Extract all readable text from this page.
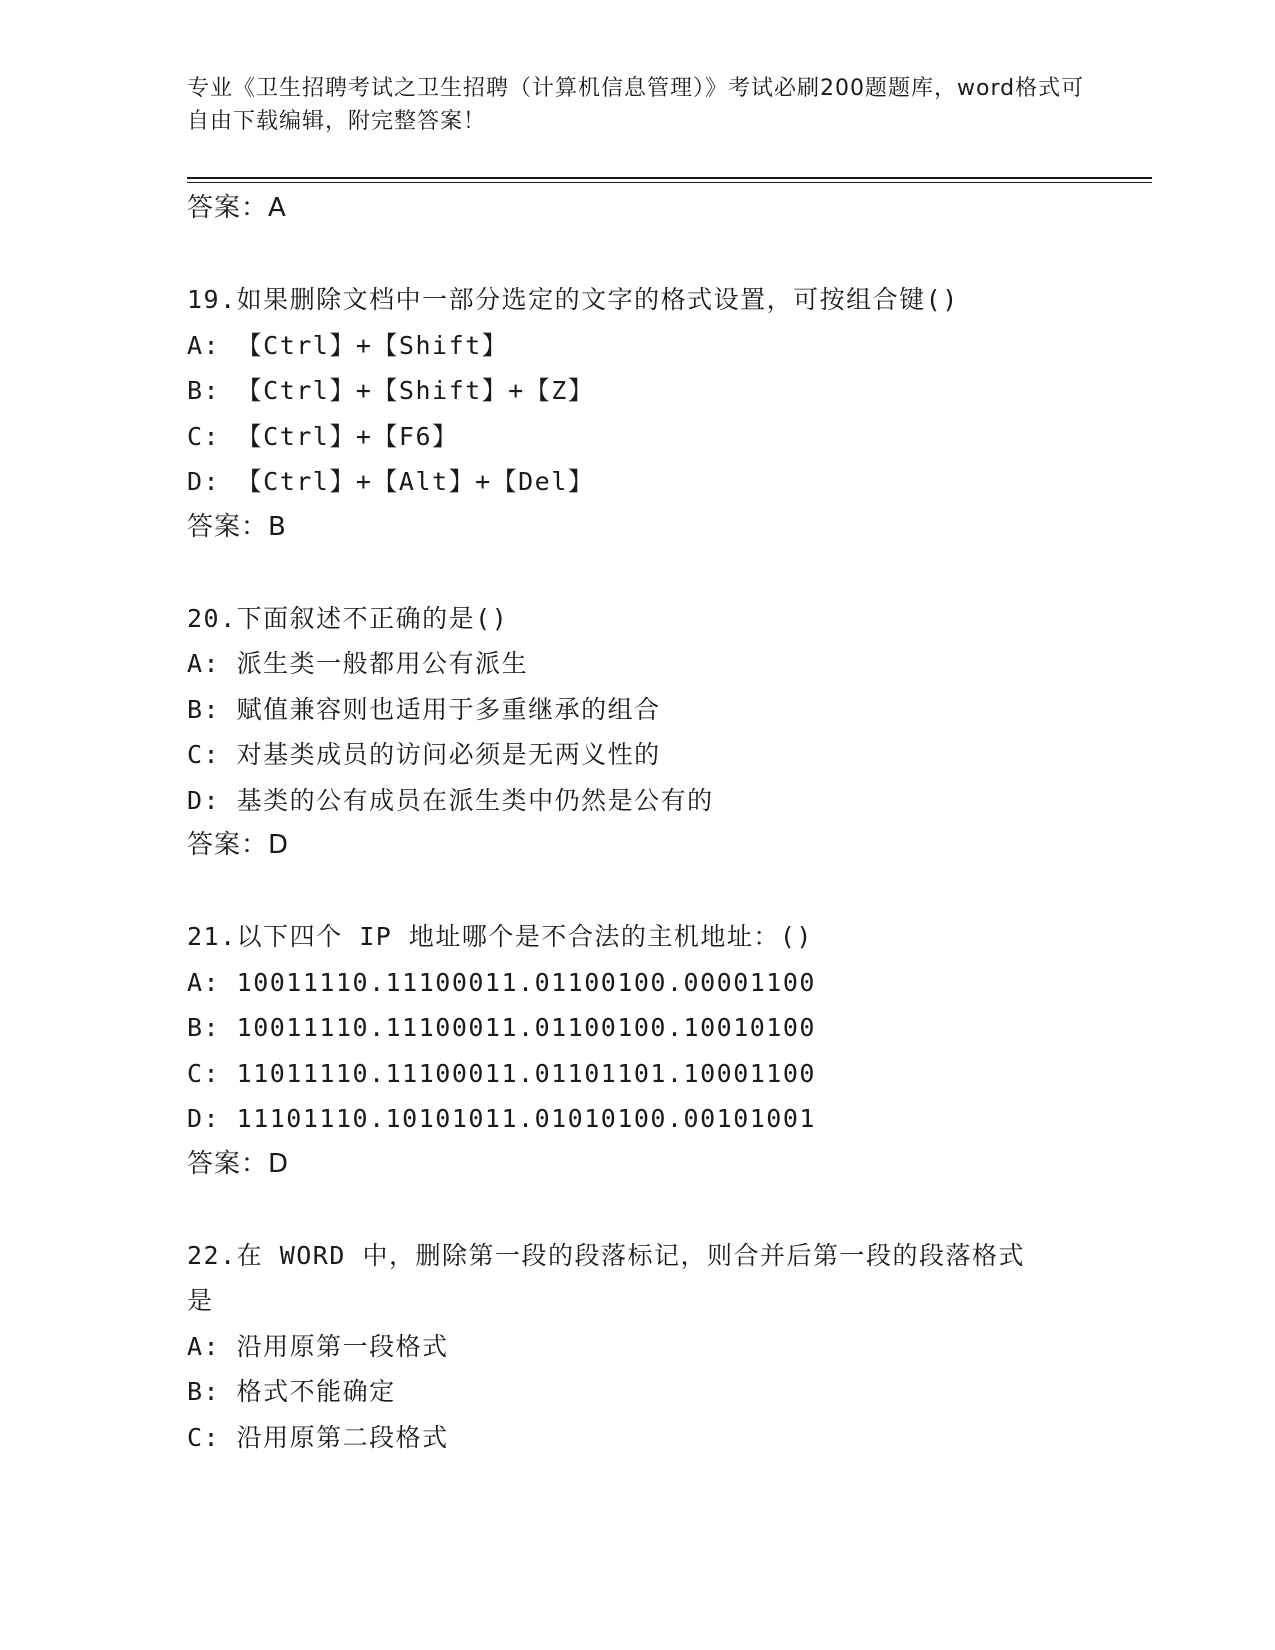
专业《卫生招聘考试之卫生招聘（计算机信息管理）》考试必刷200题题库，word格式可自由下载编辑，附完整答案！
答案：A
19.如果删除文档中一部分选定的文字的格式设置，可按组合键()
A: 【Ctrl】+【Shift】
B: 【Ctrl】+【Shift】+【Z】
C: 【Ctrl】+【F6】
D: 【Ctrl】+【Alt】+【Del】
答案：B
20.下面叙述不正确的是()
A: 派生类一般都用公有派生
B: 赋值兼容则也适用于多重继承的组合
C: 对基类成员的访问必须是无两义性的
D: 基类的公有成员在派生类中仍然是公有的
答案：D
21.以下四个 IP 地址哪个是不合法的主机地址：()
A: 10011110.11100011.01100100.00001100
B: 10011110.11100011.01100100.10010100
C: 11011110.11100011.01101101.10001100
D: 11101110.10101011.01010100.00101001
答案：D
22.在 WORD 中，删除第一段的段落标记，则合并后第一段的段落格式是
A: 沿用原第一段格式
B: 格式不能确定
C: 沿用原第二段格式
